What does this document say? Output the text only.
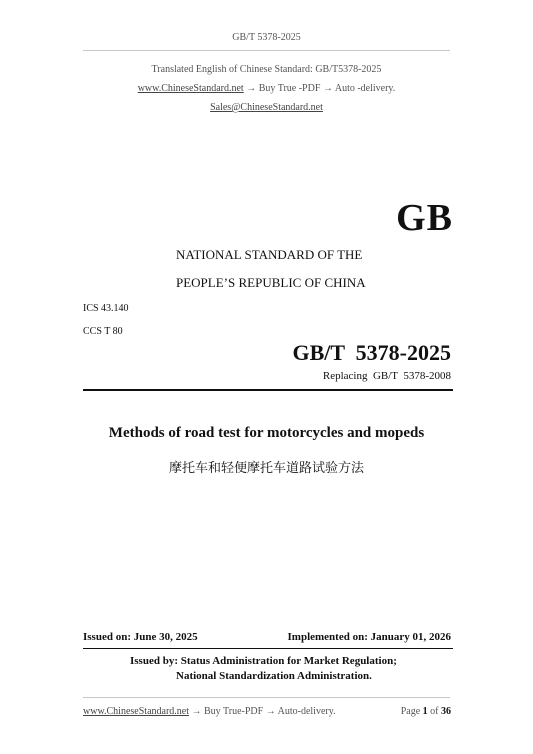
GB/T 5378-2025
Translated English of Chinese Standard: GB/T5378-2025
www.ChineseStandard.net → Buy True -PDF → Auto -delivery.
Sales@ChineseStandard.net
GB
NATIONAL STANDARD OF THE
PEOPLE’S REPUBLIC OF CHINA
ICS 43.140
CCS T 80
GB/T  5378-2025
Replacing  GB/T  5378-2008
Methods of road test for motorcycles and mopeds
摩托车和轻便摩托车道路试验方法
Issued on: June 30, 2025	Implemented on: January 01, 2026
Issued by: Status Administration for Market Regulation;
National Standardization Administration.
www.ChineseStandard.net → Buy True-PDF → Auto-delivery.	Page 1 of 36
